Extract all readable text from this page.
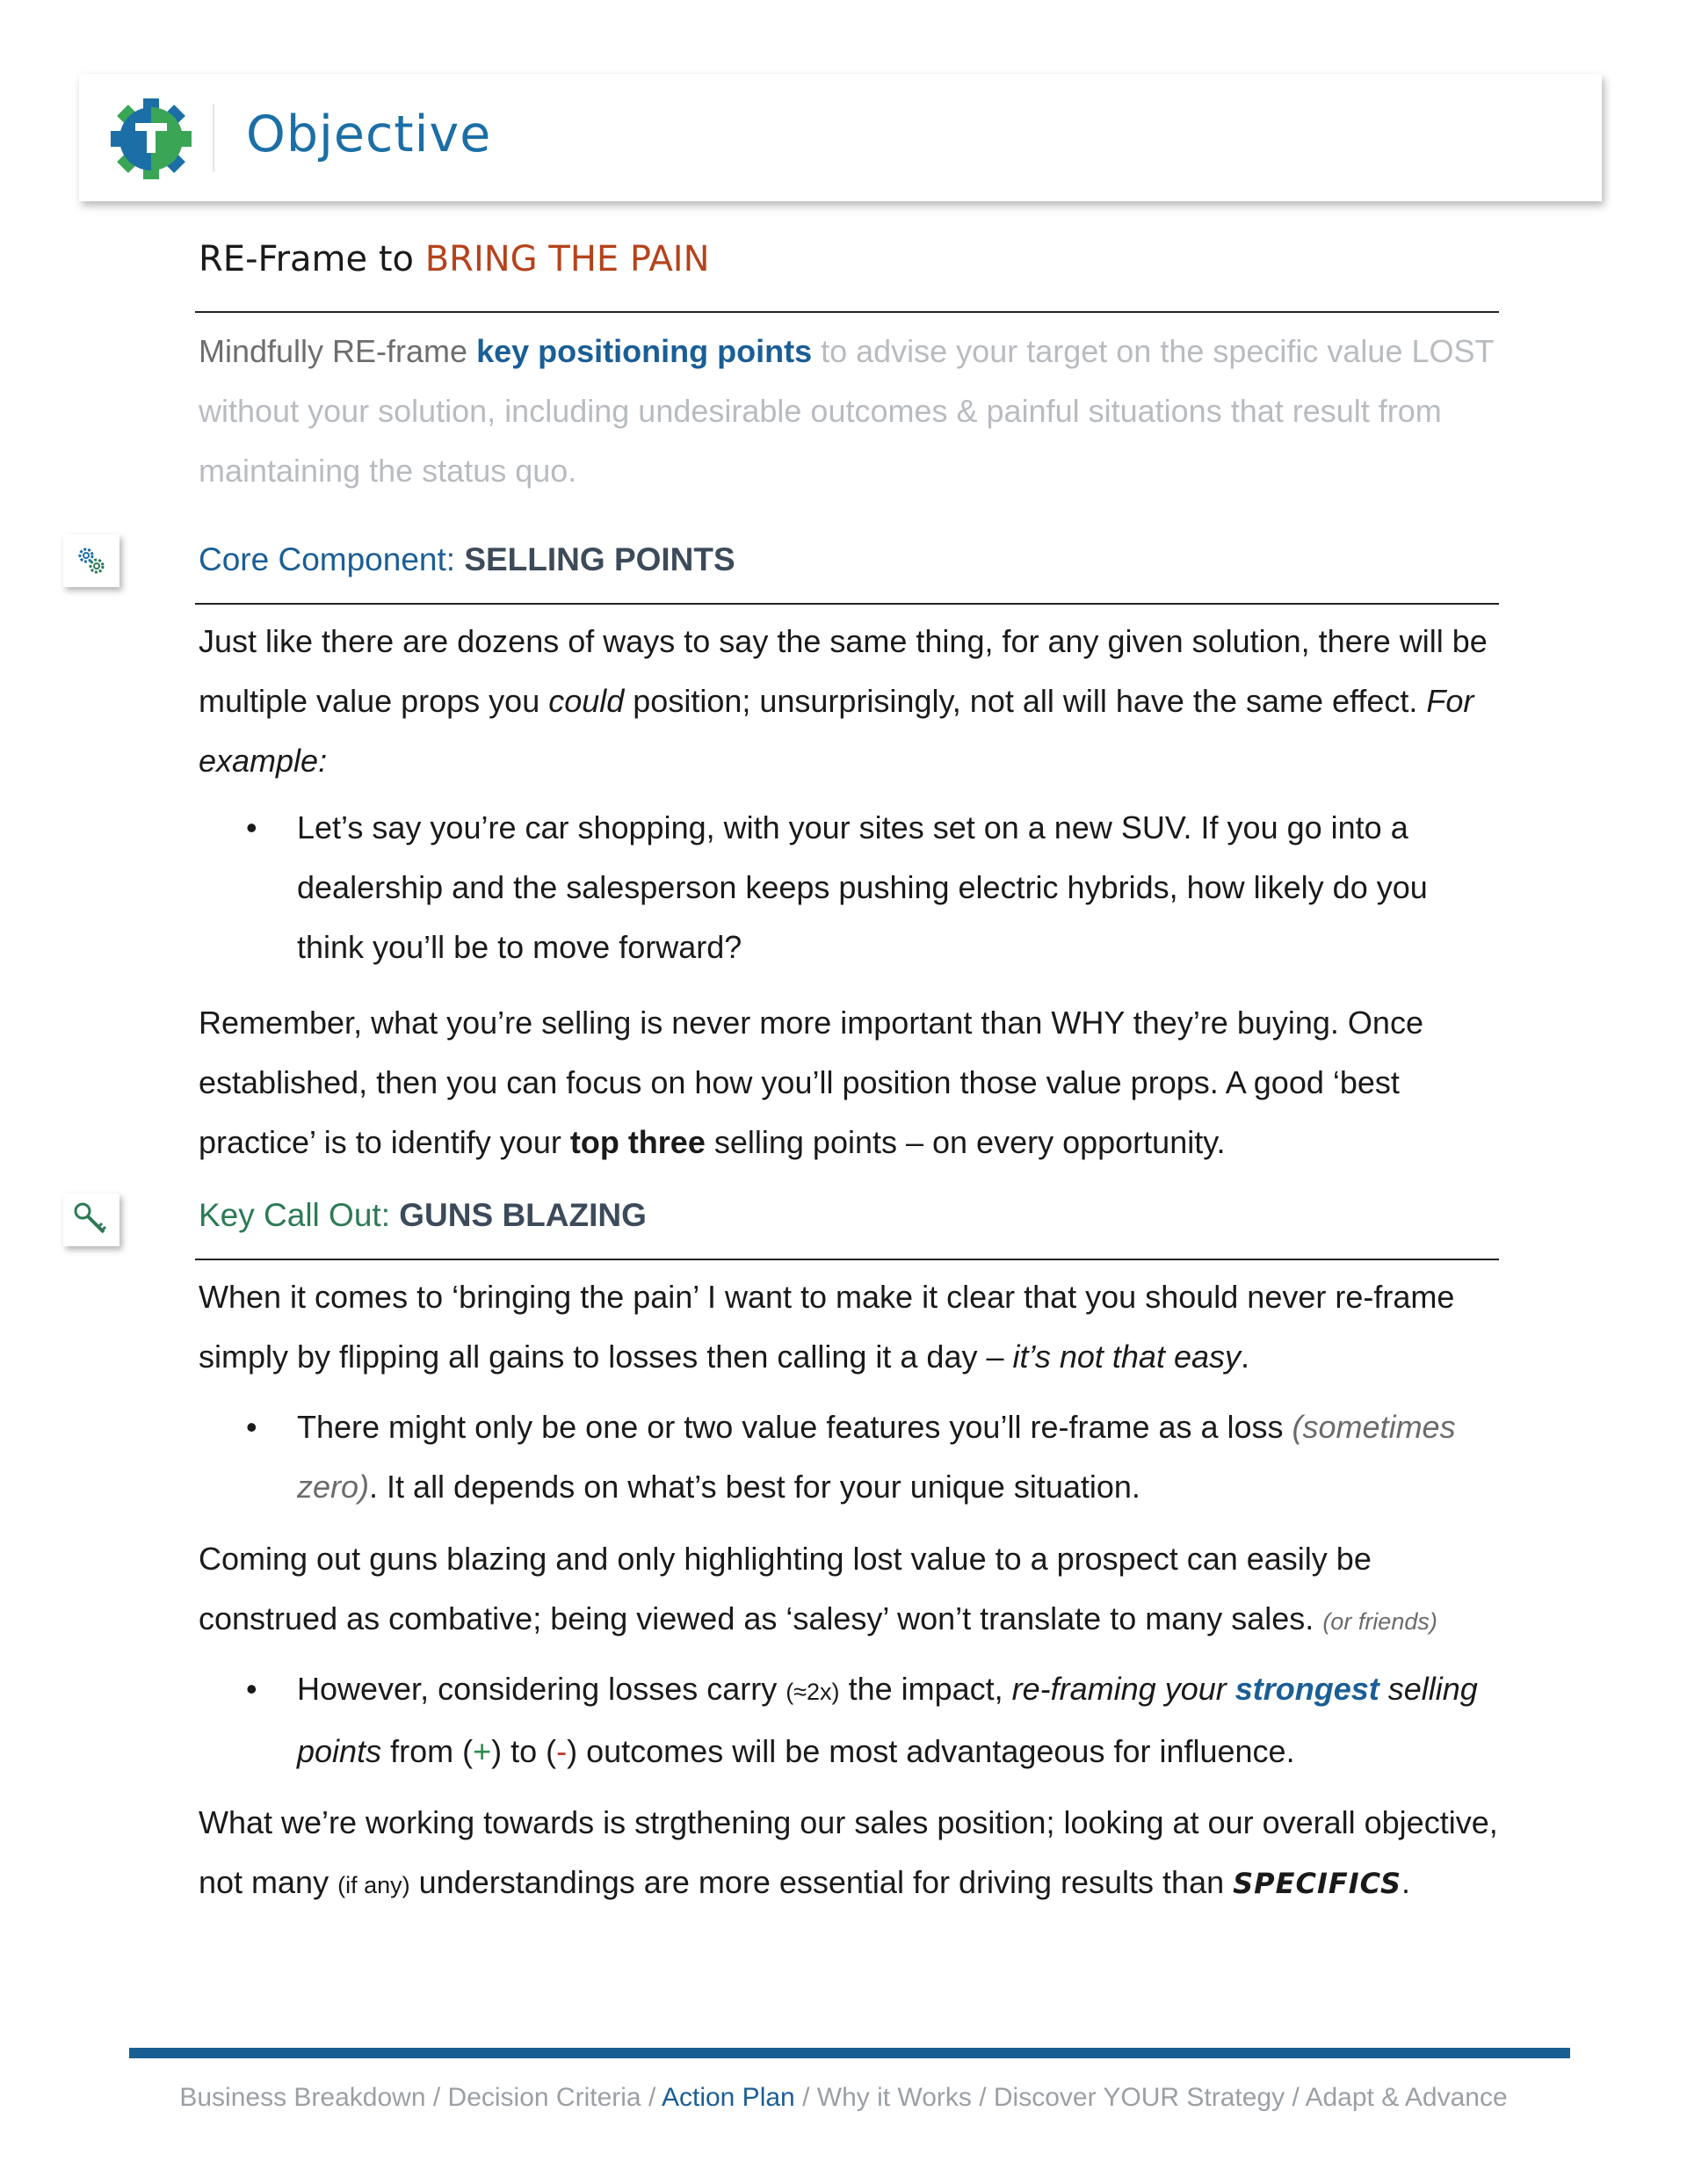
Objective
RE-Frame to BRING THE PAIN
Mindfully RE-frame key positioning points to advise your target on the specific value LOST without your solution, including undesirable outcomes & painful situations that result from maintaining the status quo.
Core Component: SELLING POINTS
Just like there are dozens of ways to say the same thing, for any given solution, there will be multiple value props you could position; unsurprisingly, not all will have the same effect. For example:
• Let’s say you’re car shopping, with your sites set on a new SUV. If you go into a dealership and the salesperson keeps pushing electric hybrids, how likely do you think you’ll be to move forward?
Remember, what you’re selling is never more important than WHY they’re buying. Once established, then you can focus on how you’ll position those value props. A good ‘best practice’ is to identify your top three selling points – on every opportunity.
Key Call Out: GUNS BLAZING
When it comes to ‘bringing the pain’ I want to make it clear that you should never re-frame simply by flipping all gains to losses then calling it a day – it’s not that easy.
• There might only be one or two value features you’ll re-frame as a loss (sometimes zero). It all depends on what’s best for your unique situation.
Coming out guns blazing and only highlighting lost value to a prospect can easily be construed as combative; being viewed as ‘salesy’ won’t translate to many sales. (or friends)
• However, considering losses carry (≈2x) the impact, re-framing your strongest selling points from (+) to (-) outcomes will be most advantageous for influence.
What we’re working towards is strgthening our sales position; looking at our overall objective, not many (if any) understandings are more essential for driving results than SPECIFICS.
Business Breakdown / Decision Criteria / Action Plan / Why it Works / Discover YOUR Strategy / Adapt & Advance
